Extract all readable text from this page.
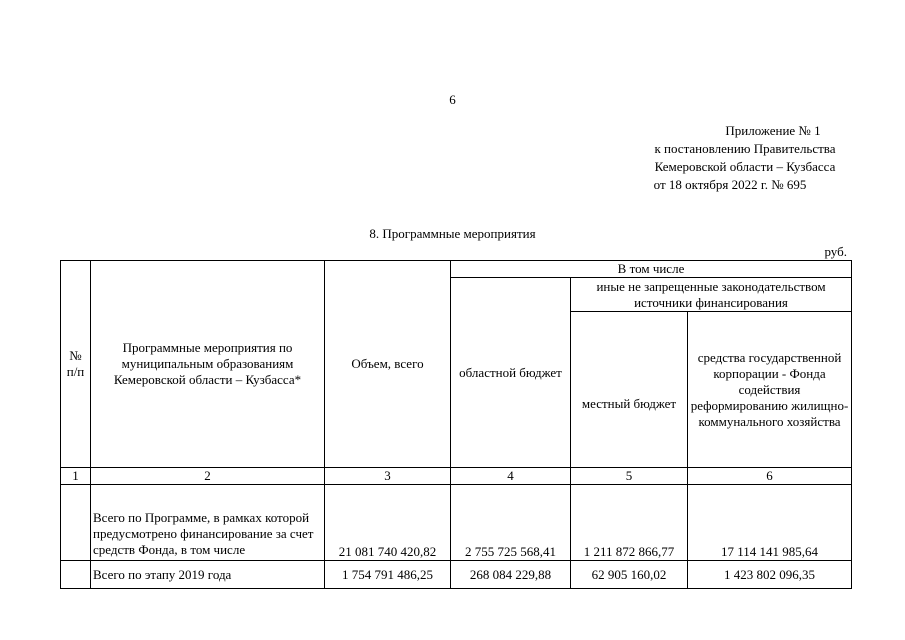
6
Приложение № 1
к постановлению Правительства
Кемеровской области – Кузбасса
от 18 октября 2022 г. № 695
8. Программные мероприятия
руб.
№ п/п	Программные мероприятия по муниципальным образованиям Кемеровской области – Кузбасса*	Объем, всего	В том числе		
			областной бюджет	иные не запрещенные законодательством источники финансирования	
				местный бюджет	средства государственной корпорации - Фонда содействия реформированию жилищно-коммунального хозяйства

1	2	3	4	5	6
	Всего по Программе, в рамках которой предусмотрено финансирование за счет средств Фонда, в том числе	21 081 740 420,82	2 755 725 568,41	1 211 872 866,77	17 114 141 985,64
	Всего по этапу 2019 года	1 754 791 486,25	268 084 229,88	62 905 160,02	1 423 802 096,35
